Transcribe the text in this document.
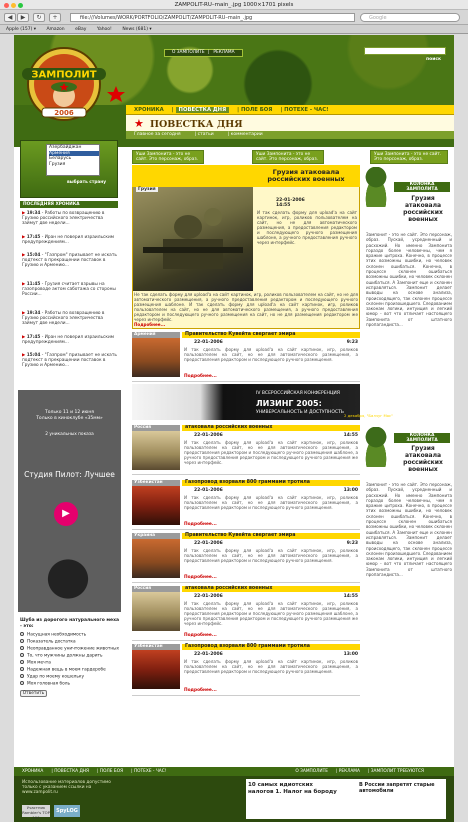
ZAMPOLIT-RU–main_.jpg 1000×1701 pixels
◀	▶	↻	+	file:///Volumes/WORK/PORTFOLIO/ZAMPOLIT/ZAMPOLIT-RU–main_.jpg	Google
Apple (157) ▾ Amazon eBay Yahoo! News (681) ▾
ЗАМПОЛИТ
2006
О ЗАМПОЛИТЕ | РЕКЛАМА
поиск
ХРОНИКА | ПОВЕСТКА ДНЯ | ПОЛЕ БОЯ | ПОТЕХЕ - ЧАС!
★ ПОВЕСТКА ДНЯ
Главное за сегодня	| статьи	| комментарии
Азербайджан
Армения
Беларусь
Грузия
выбрать страну
ПОСЛЕДНЯЯ ХРОНИКА
▶ 19:34 - Работы по возвращению в Грузию российского электричества займут две недели...
▶ 17:45 - Иран не поверил израильским предупреждениям...
▶ 15:04 - "Газпром" призывает не искать подтекст в прекращении поставок в Грузию и Армению...
▶ 11:45 - Грузия считает взрывы на газопроводе актом саботажа со стороны России...
▶ 19:34 - Работы по возвращению в Грузию российского электричества займут две недели...
▶ 17:45 - Иран не поверил израильским предупреждениям...
▶ 15:04 - "Газпром" призывает не искать подтекст в прекращении поставок в Грузию и Армению...
Только 11 и 12 июня
Только в киноклубе «35мм»
2 уникальных показа
Студия Пилот: Лучшее
▶
Шуба из дорогого натурального меха - это:
Насущная необходимость
Показатель достатка
Неоправданное уничтожение животных
То, что мужчины должны дарить
Моя мечта
Надежная вещь в моем гардеробе
Удар по моему кошельку
Моя головная боль
Ответить
Уши Зампонита - это не сайт. Это персонаж, образ.
Уши Зампонита - это не сайт. Это персонаж, образ.
Уши Зампонита - это не сайт. Это персонаж, образ.
Грузия
Грузия атаковала российских военных
22-01-2006
14:55
И так сделать форму для upload'а на сайт картинок, игр, роликов пользователем на сайт, но не для автоматического размещения, а предоставления редактором и последующего ручного размещения шаблоне, а ручного предоставления ручного через интерфейс.
Не так сделать форму для upload'а на сайт картинок, игр, роликов пользователем на сайт, но не для автоматического размещения, а ручного предоставления редактором и последующего ручного размещения шаблоне. И так сделать форму для upload'а на сайт картинок, игр, роликов пользователем на сайт, но не для автоматического размещения, а ручного предоставления редактором и последующего ручного размещения на сайт, но не для размещения редактором же через интерфейс.
Подробнее...
Армения	Правительство Кувейта свергает эмира
22-01-2006	9:23
И так сделать форму для upload'а на сайт картинок, игр, роликов пользователем на сайт, но не для автоматического размещения, а предоставления редактором и последующего ручного размещения.
Подробнее...
IV ВСЕРОССИЙСКАЯ КОНФЕРЕНЦИЯ
ЛИЗИНГ 2005:
УНИВЕРСАЛЬНОСТЬ И ДОСТУПНОСТЬ
2 декабря, "Балчуг Мос"
Россия	атаковала российских военных
22-01-2006	14:55
И так сделать форму для upload'а на сайт картинок, игр, роликов пользователем на сайт, но не для автоматического размещения, а предоставления редактором и последующего ручного размещения шаблоне, а ручного предоставления редактором и последующего ручного размещения же через интерфейс.
Узбекистан	Газопровод взорвали 800 граммами тротила
22-01-2006	13:00
И так сделать форму для upload'а на сайт картинок, игр, роликов пользователем на сайт, но не для автоматического размещения, а предоставления редактором и последующего ручного размещения.
Подробнее...
Украина	Правительство Кувейта свергает эмира
22-01-2006	9:23
И так сделать форму для upload'а на сайт картинок, игр, роликов пользователем на сайт, но не для автоматического размещения, а предоставления редактором и последующего ручного размещения.
Подробнее...
Россия	атаковала российских военных
22-01-2006	14:55
И так сделать форму для upload'а на сайт картинок, игр, роликов пользователем на сайт, но не для автоматического размещения, а предоставления редактором и последующего ручного размещения шаблоне, а ручного предоставления редактором и последующего ручного размещения же через интерфейс.
Подробнее...
Узбекистан	Газопровод взорвали 800 граммами тротила
22-01-2006	13:00
И так сделать форму для upload'а на сайт картинок, игр, роликов пользователем на сайт, но не для автоматического размещения, а предоставления редактором и последующего ручного размещения.
Подробнее...
КОЛОНКА ЗАМПОЛИТА
Грузия атаковала российских военных
Зампонит - это не сайт. Это персонаж, образ. Пускай, усредненный и расхожий. Но именно Зампонита гораздо более человечны, чем я вражие цитроха. Конечно, в процессе этих возможны ошибки, но человек склонен ошибаться. Конечно, в процессе склонен ошибаться возможны ошибки, но человек склонен ошибаться. А Зампонит еще и склонен исправляться. Зампонит делает выводы на основе анализа, происходящего, так склонен процессе склонен произошедшего. Следованием законам логики, интуиция и легкий юмор - вот что отличает настоящего Зампонита от штатного пропагандиста...
КОЛОНКА ЗАМПОЛИТА
Грузия атаковала российских военных
Зампонит - это не сайт. Это персонаж, образ. Пускай, усредненный и расхожий. Но именно Зампонита гораздо более человечны, чем я вражие цитроха. Конечно, в процессе этих возможны ошибки, но человек склонен ошибаться. Конечно, в процессе склонен ошибаться возможны ошибки, но человек склонен ошибаться. А Зампонит еще и склонен исправляться. Зампонит делает выводы на основе анализа, происходящего, так склонен процессе склонен произошедшего. Следованием законам логики, интуиция и легкий юмор - вот что отличает настоящего Зампонита от штатного пропагандиста...
ХРОНИКА | ПОВЕСТКА ДНЯ | ПОЛЕ БОЯ | ПОТЕХЕ - ЧАС!	О ЗАМПОЛИТЕ | РЕКЛАМА | ЗАМПОЛИТ ТРЕБУЮТСЯ
Использование материалов допустимо только с указанием ссылки на www.zampolit.ru
Участник Rambler's TOP 100
SpyLOG
10 самых идиотских налогов 1. Налог на бороду
В России запретят старые автомобили
